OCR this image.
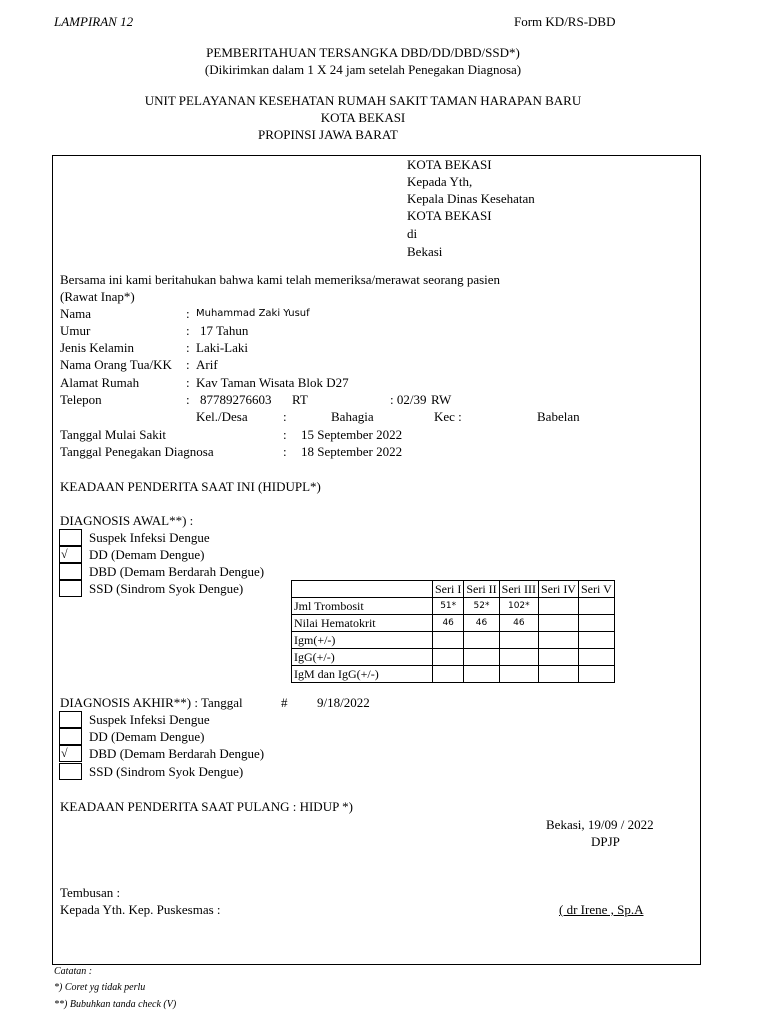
LAMPIRAN 12	Form KD/RS-DBD
PEMBERITAHUAN TERSANGKA DBD/DD/DBD/SSD*)
(Dikirimkan dalam 1 X 24 jam setelah Penegakan Diagnosa)
UNIT PELAYANAN KESEHATAN RUMAH SAKIT TAMAN HARAPAN BARU
KOTA BEKASI
PROPINSI JAWA BARAT
KOTA BEKASI
Kepada Yth,
Kepala Dinas Kesehatan
KOTA BEKASI
di
Bekasi
Bersama ini kami beritahukan bahwa kami telah memeriksa/merawat seorang pasien
(Rawat Inap*)
Nama	: Muhammad Zaki Yusuf
Umur	: 17 Tahun
Jenis Kelamin	: Laki-Laki
Nama Orang Tua/KK : Arif
Alamat Rumah	: Kav Taman Wisata Blok D27
Telepon	: 87789276603 RT	: 02/39 RW
Kel./Desa	:	Bahagia	Kec :	Babelan
Tanggal Mulai Sakit	: 15 September 2022
Tanggal Penegakan Diagnosa	: 18 September 2022
KEADAAN PENDERITA SAAT INI (HIDUPL*)
DIAGNOSIS AWAL**) :
Suspek Infeksi Dengue
√	DD (Demam Dengue)
DBD (Demam Berdarah Dengue)
SSD (Sindrom Syok Dengue)
		Seri I	Seri II	Seri III	Seri IV	Seri V
Jml Trombosit	51*	52*	102*		
Nilai Hematokrit	46	46	46		
Igm(+/-)					
IgG(+/-)					
IgM dan IgG(+/-)					
DIAGNOSIS AKHIR**) : Tanggal	# 9/18/2022
Suspek Infeksi Dengue
DD (Demam Dengue)
√	DBD (Demam Berdarah Dengue)
SSD (Sindrom Syok Dengue)
KEADAAN PENDERITA SAAT PULANG : HIDUP *)
Bekasi, 19/09 / 2022
DPJP
Tembusan :
Kepada Yth. Kep. Puskesmas :	( dr Irene , Sp.A
Catatan :
*) Coret yg tidak perlu
**) Bubuhkan tanda check (V)
